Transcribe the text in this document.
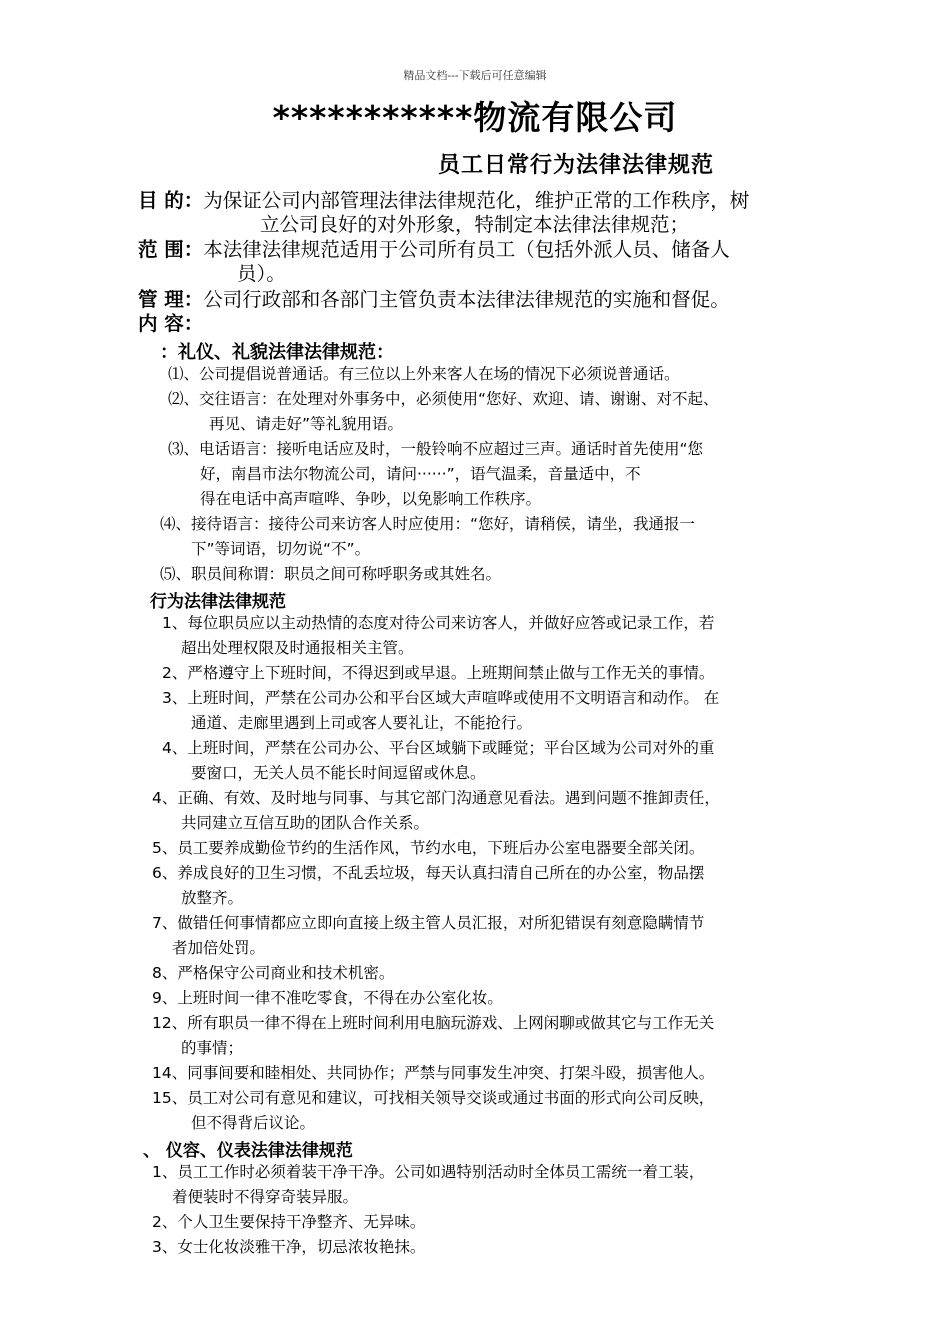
精品文档---下载后可任意编辑
***********物流有限公司
员工日常行为法律法律规范
目 的：为保证公司内部管理法律法律规范化，维护正常的工作秩序，树
立公司良好的对外形象，特制定本法律法律规范；
范 围：本法律法律规范适用于公司所有员工（包括外派人员、储备人
员）。
管 理：公司行政部和各部门主管负责本法律法律规范的实施和督促。
内 容：
：礼仪、礼貌法律法律规范：
⑴、公司提倡说普通话。有三位以上外来客人在场的情况下必须说普通话。
⑵、交往语言：在处理对外事务中，必须使用“您好、欢迎、请、谢谢、对不起、
再见、请走好”等礼貌用语。
⑶、电话语言：接听电话应及时，一般铃响不应超过三声。通话时首先使用“您
好，南昌市法尔物流公司，请问······”，语气温柔，音量适中，不
得在电话中高声喧哗、争吵，以免影响工作秩序。
⑷、接待语言：接待公司来访客人时应使用：“您好，请稍侯，请坐，我通报一
下”等词语，切勿说“不”。
⑸、职员间称谓：职员之间可称呼职务或其姓名。
行为法律法律规范
1、每位职员应以主动热情的态度对待公司来访客人，并做好应答或记录工作，若
超出处理权限及时通报相关主管。
2、严格遵守上下班时间，不得迟到或早退。上班期间禁止做与工作无关的事情。
3、上班时间，严禁在公司办公和平台区域大声喧哗或使用不文明语言和动作。 在
通道、走廊里遇到上司或客人要礼让，不能抢行。
4、上班时间，严禁在公司办公、平台区域躺下或睡觉；平台区域为公司对外的重
要窗口，无关人员不能长时间逗留或休息。
4、正确、有效、及时地与同事、与其它部门沟通意见看法。遇到问题不推卸责任，
共同建立互信互助的团队合作关系。
5、员工要养成勤俭节约的生活作风，节约水电，下班后办公室电器要全部关闭。
6、养成良好的卫生习惯，不乱丢垃圾，每天认真扫清自己所在的办公室，物品摆
放整齐。
7、做错任何事情都应立即向直接上级主管人员汇报，对所犯错误有刻意隐瞒情节
者加倍处罚。
8、严格保守公司商业和技术机密。
9、上班时间一律不准吃零食，不得在办公室化妆。
12、所有职员一律不得在上班时间利用电脑玩游戏、上网闲聊或做其它与工作无关
的事情；
14、同事间要和睦相处、共同协作；严禁与同事发生冲突、打架斗殴，损害他人。
15、员工对公司有意见和建议，可找相关领导交谈或通过书面的形式向公司反映，
但不得背后议论。
、 仪容、仪表法律法律规范
1、员工工作时必须着装干净干净。公司如遇特别活动时全体员工需统一着工装，
着便装时不得穿奇装异服。
2、个人卫生要保持干净整齐、无异味。
3、女士化妆淡雅干净，切忌浓妆艳抹。
